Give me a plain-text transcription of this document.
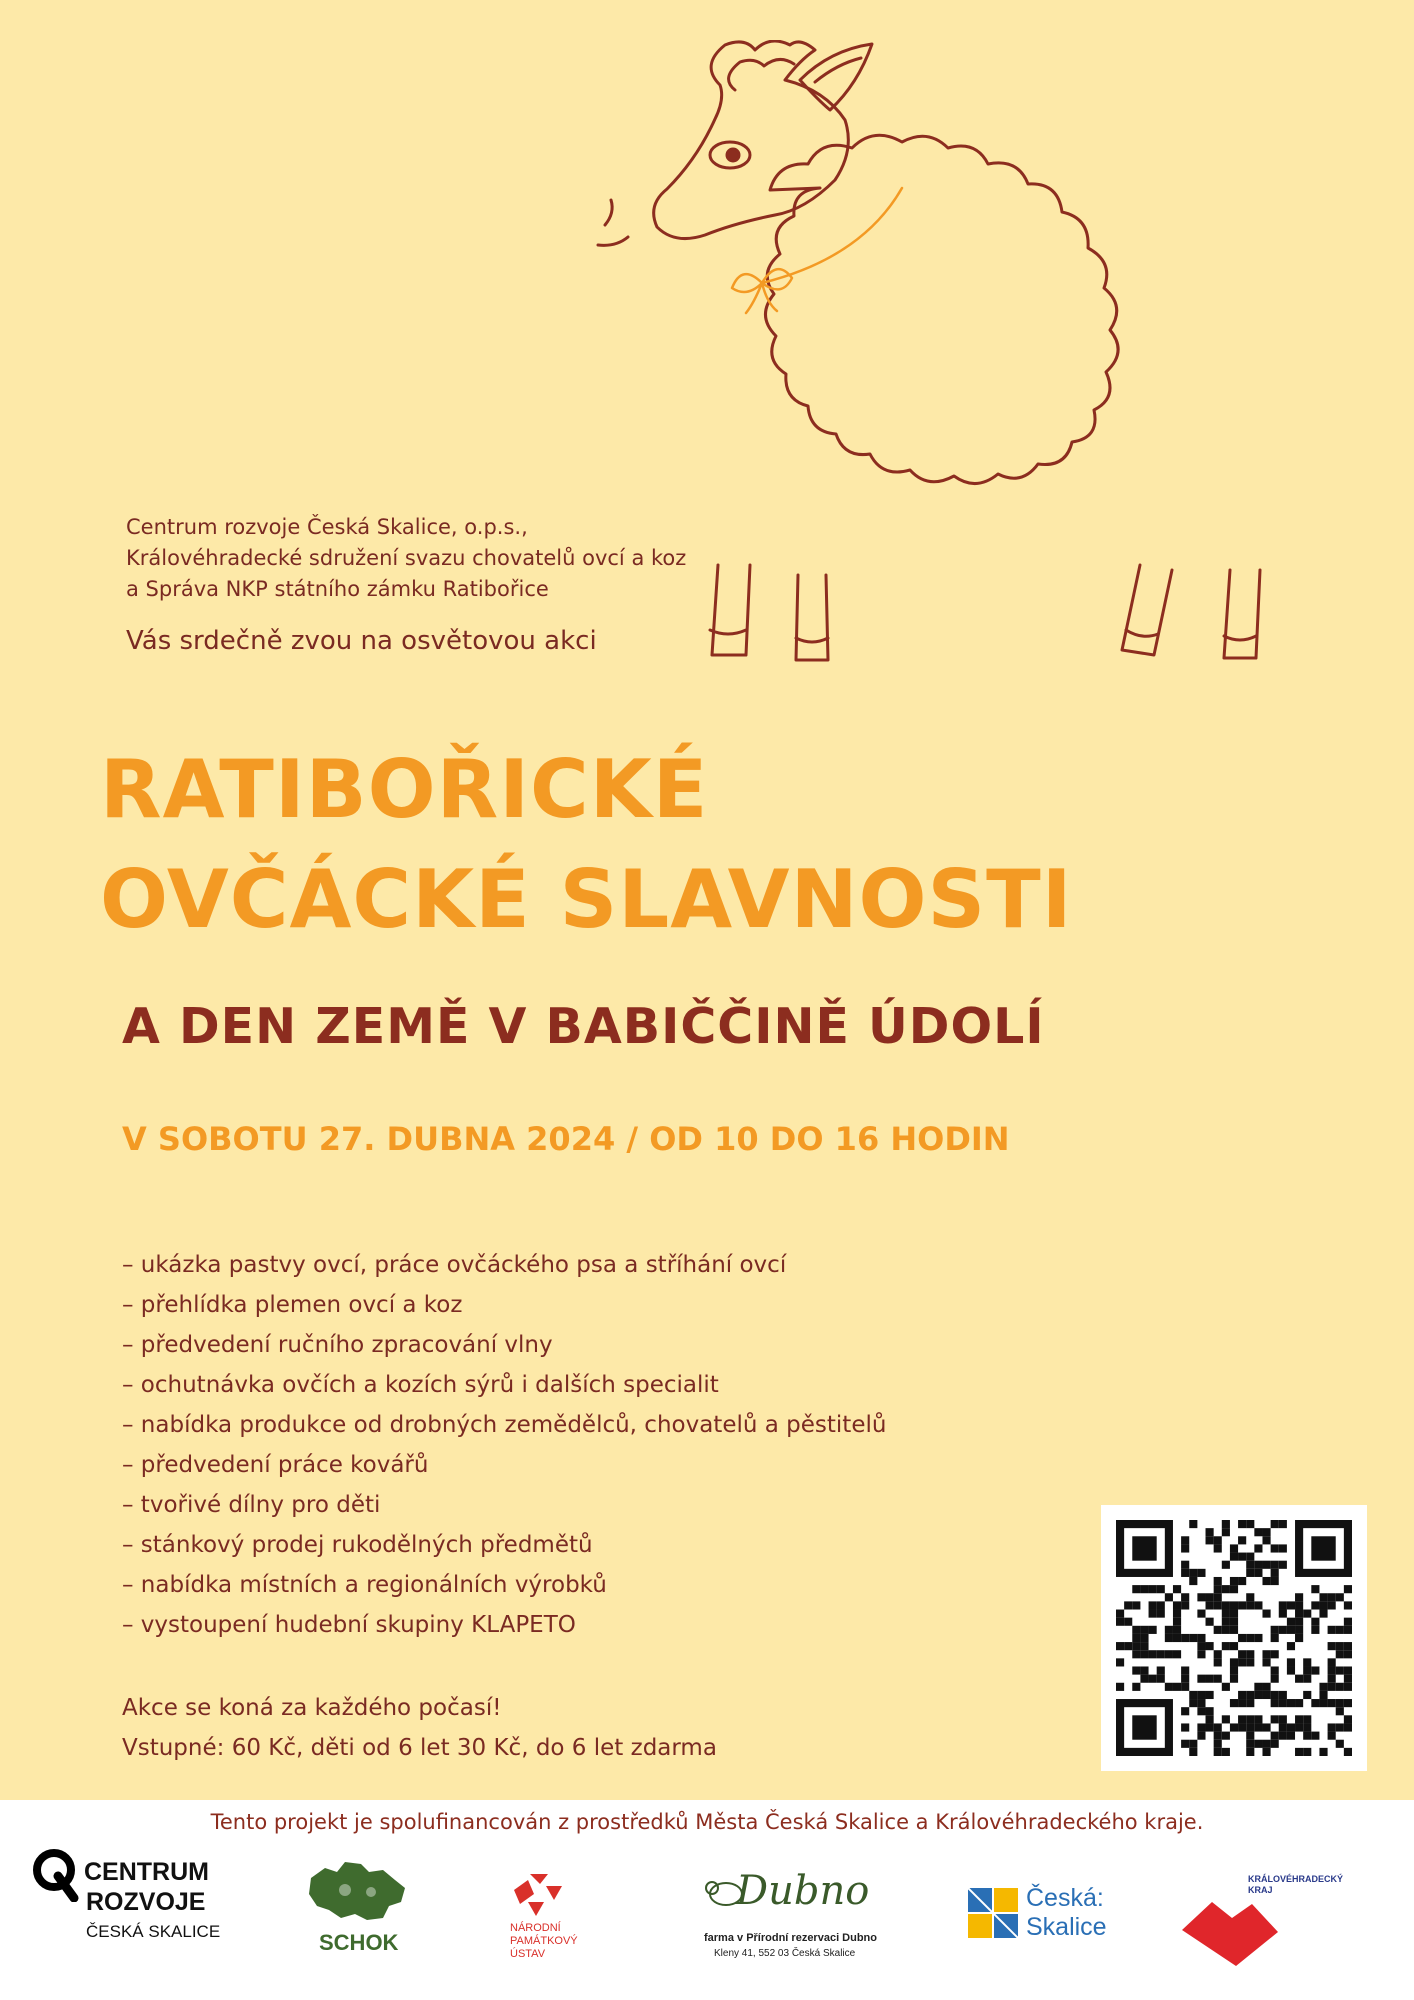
Centrum rozvoje Česká Skalice, o.p.s.,
Královéhradecké sdružení svazu chovatelů ovcí a koz
a Správa NKP státního zámku Ratibořice
Vás srdečně zvou na osvětovou akci
RATIBOŘICKÉ
OVČÁCKÉ SLAVNOSTI
A DEN ZEMĚ V BABIČČINĚ ÚDOLÍ
V SOBOTU 27. DUBNA 2024 / OD 10 DO 16 HODIN
– ukázka pastvy ovcí, práce ovčáckého psa a stříhání ovcí
– přehlídka plemen ovcí a koz
– předvedení ručního zpracování vlny
– ochutnávka ovčích a kozích sýrů i dalších specialit
– nabídka produkce od drobných zemědělců, chovatelů a pěstitelů
– předvedení práce kovářů
– tvořivé dílny pro děti
– stánkový prodej rukodělných předmětů
– nabídka místních a regionálních výrobků
– vystoupení hudební skupiny KLAPETO
Akce se koná za každého počasí!
Vstupné: 60 Kč, děti od 6 let 30 Kč, do 6 let zdarma
Tento projekt je spolufinancován z prostředků Města Česká Skalice a Královéhradeckého kraje.
CENTRUM
ROZVOJE
ČESKÁ SKALICE	SCHOK
NÁRODNÍ
PAMÁTKOVÝ
ÚSTAV
Dubno
farma v Přírodní rezervaci Dubno
Kleny 41, 552 03 Česká Skalice
Česká:
Skalice
KRÁLOVÉHRADECKÝ
KRAJ
